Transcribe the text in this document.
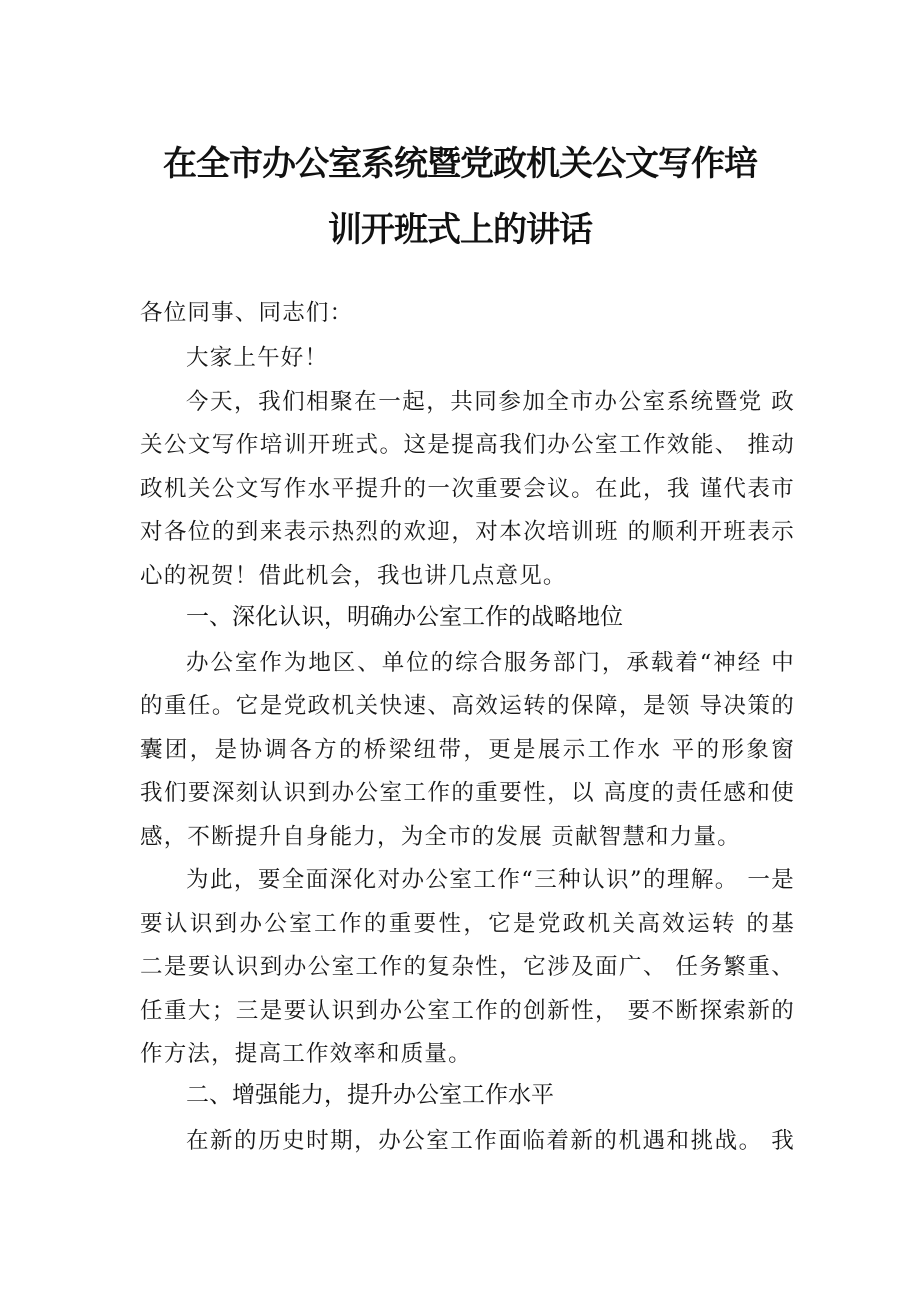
在全市办公室系统暨党政机关公文写作培
训开班式上的讲话
各位同事、同志们：
大家上午好！
今天，我们相聚在一起，共同参加全市办公室系统暨党 政
关公文写作培训开班式。这是提高我们办公室工作效能、 推动
政机关公文写作水平提升的一次重要会议。在此，我 谨代表市
对各位的到来表示热烈的欢迎，对本次培训班 的顺利开班表示
心的祝贺！借此机会，我也讲几点意见。
一、深化认识，明确办公室工作的战略地位
办公室作为地区、单位的综合服务部门，承载着“神经 中
的重任。它是党政机关快速、高效运转的保障，是领 导决策的
囊团，是协调各方的桥梁纽带，更是展示工作水 平的形象窗
我们要深刻认识到办公室工作的重要性，以 高度的责任感和使
感，不断提升自身能力，为全市的发展 贡献智慧和力量。
为此，要全面深化对办公室工作“三种认识”的理解。 一是
要认识到办公室工作的重要性，它是党政机关高效运转 的基
二是要认识到办公室工作的复杂性，它涉及面广、 任务繁重、
任重大；三是要认识到办公室工作的创新性， 要不断探索新的
作方法，提高工作效率和质量。
二、增强能力，提升办公室工作水平
在新的历史时期，办公室工作面临着新的机遇和挑战。 我
